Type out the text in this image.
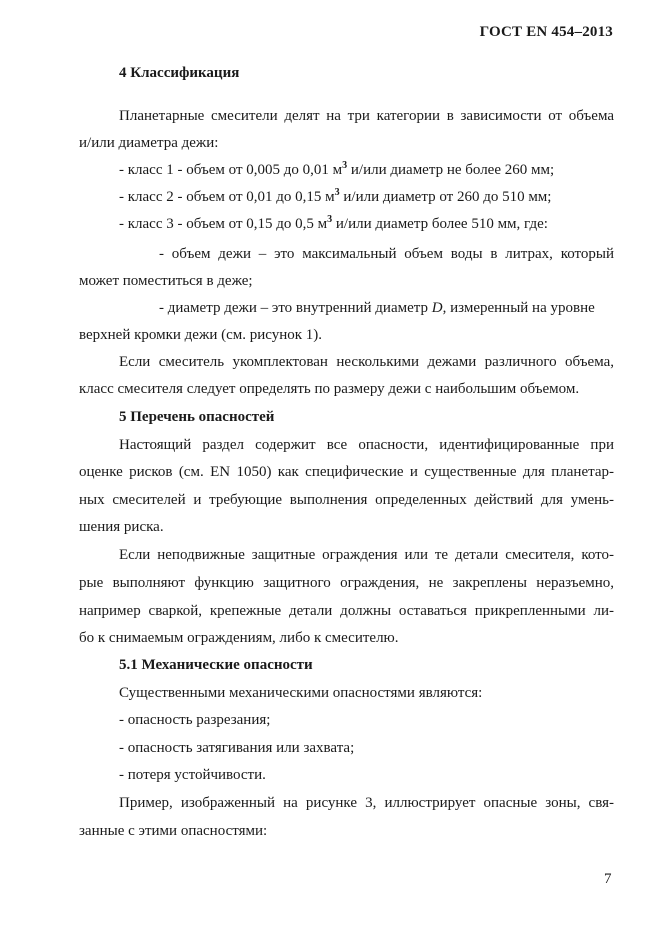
ГОСТ EN 454–2013
4 Классификация
Планетарные смесители делят на три категории в зависимости от объема
и/или диаметра дежи:
- класс 1 - объем от 0,005 до 0,01 $м^3$ и/или диаметр не более 260 мм;
- класс 2 - объем от 0,01 до 0,15 $м^3$ и/или диаметр от 260 до 510 мм;
- класс 3 - объем от 0,15 до 0,5 $м^3$ и/или диаметр более 510 мм, где:
- объем дежи – это максимальный объем воды в литрах, который
может поместиться в деже;
- диаметр дежи – это внутренний диаметр D, измеренный на уровне
верхней кромки дежи (см. рисунок 1).
Если смеситель укомплектован несколькими дежами различного объема,
класс смесителя следует определять по размеру дежи с наибольшим объемом.
5 Перечень опасностей
Настоящий раздел содержит все опасности, идентифицированные при
оценке рисков (см. EN 1050) как специфические и существенные для планетар-
ных смесителей и требующие выполнения определенных действий для умень-
шения риска.
Если неподвижные защитные ограждения или те детали смесителя, кото-
рые выполняют функцию защитного ограждения, не закреплены неразъемно,
например сваркой, крепежные детали должны оставаться прикрепленными ли-
бо к снимаемым ограждениям, либо к смесителю.
5.1 Механические опасности
Существенными механическими опасностями являются:
- опасность разрезания;
- опасность затягивания или захвата;
- потеря устойчивости.
Пример, изображенный на рисунке 3, иллюстрирует опасные зоны, свя-
занные с этими опасностями:
7
